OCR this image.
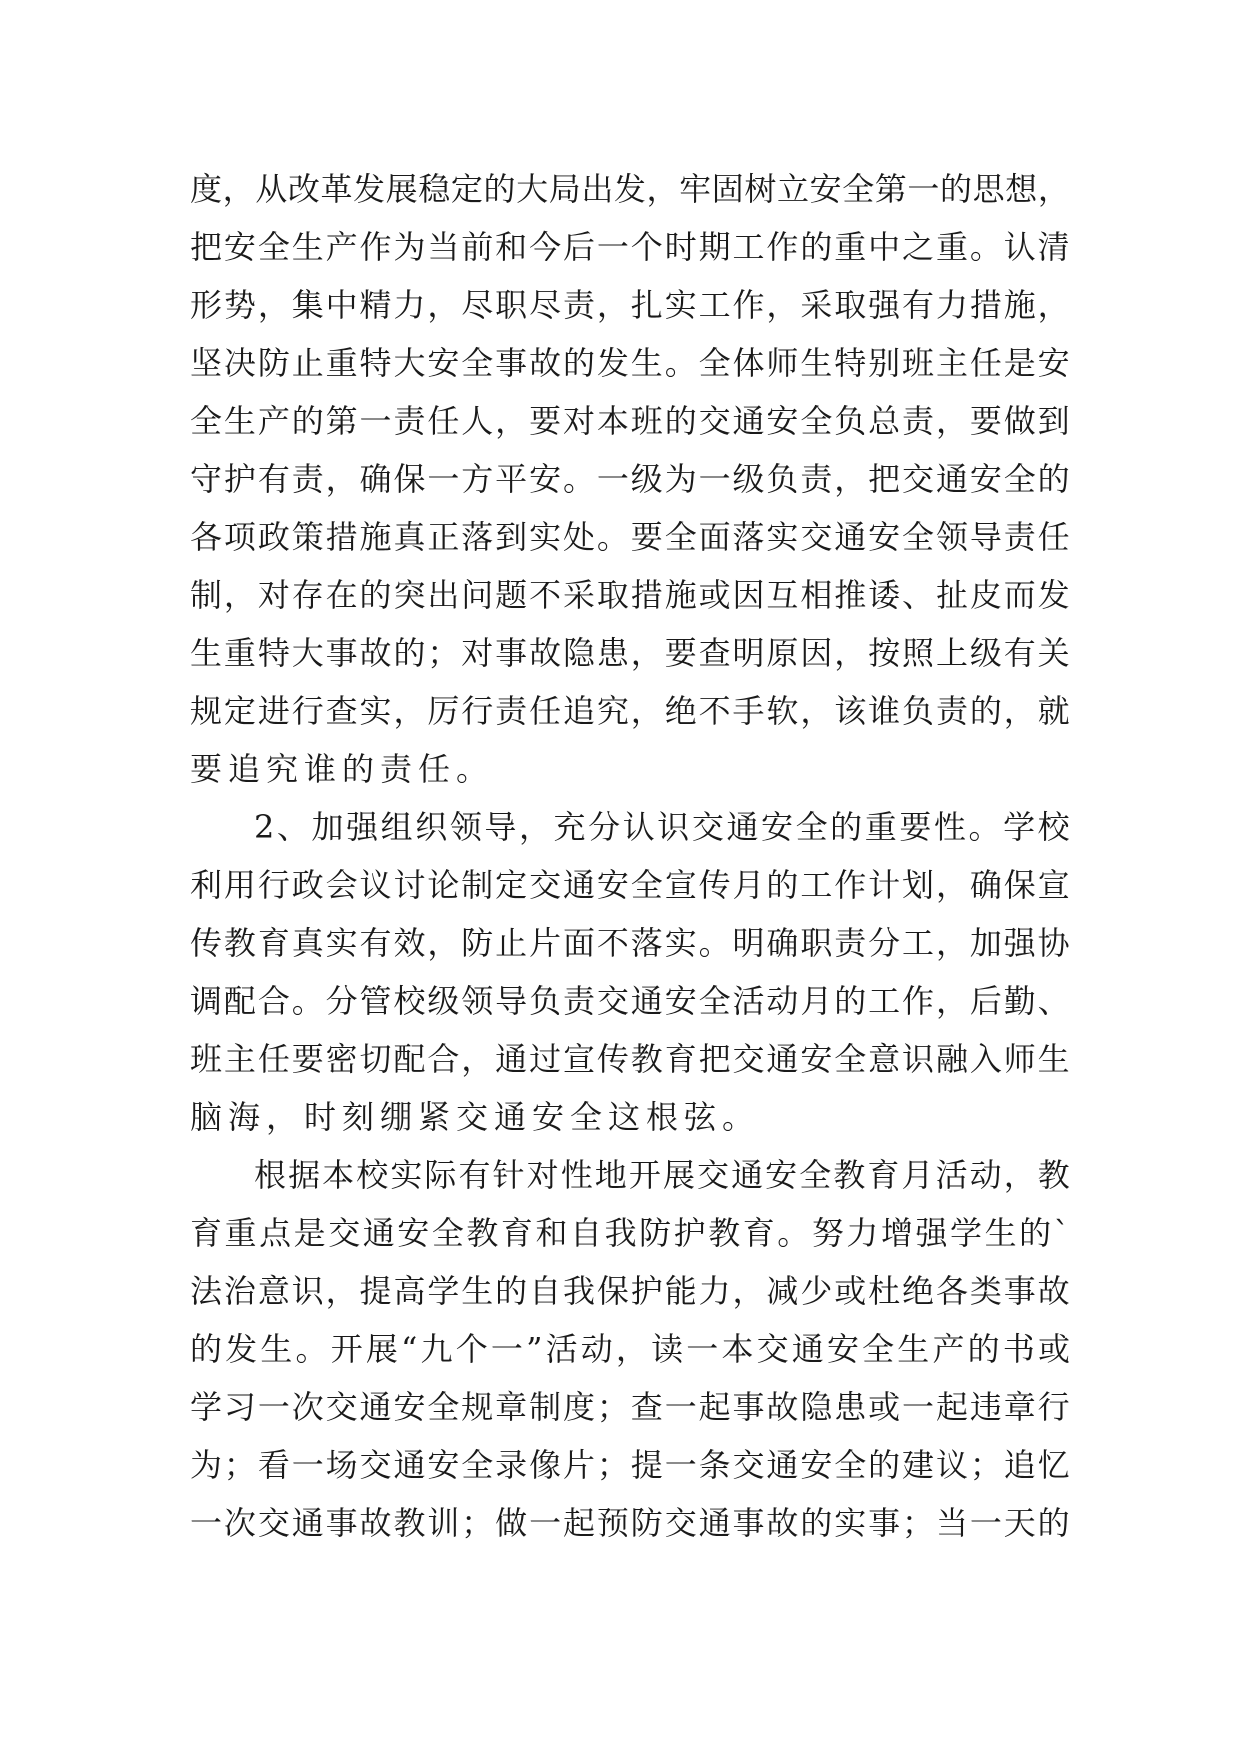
度 ， 从 改 革 发 展 稳 定 的 大 局 出 发 ， 牢 固 树 立 安 全 第 一 的 思 想 ，
把 安 全 生 产 作 为 当 前 和 今 后 一 个 时 期 工 作 的 重 中 之 重 。 认 清
形 势 ， 集 中 精 力 ， 尽 职 尽 责 ， 扎 实 工 作 ， 采 取 强 有 力 措 施 ，
坚 决 防 止 重 特 大 安 全 事 故 的 发 生 。 全 体 师 生 特 别 班 主 任 是 安
全 生 产 的 第 一 责 任 人 ， 要 对 本 班 的 交 通 安 全 负 总 责 ， 要 做 到
守 护 有 责 ， 确 保 一 方 平 安 。 一 级 为 一 级 负 责 ， 把 交 通 安 全 的
各 项 政 策 措 施 真 正 落 到 实 处 。 要 全 面 落 实 交 通 安 全 领 导 责 任
制 ， 对 存 在 的 突 出 问 题 不 采 取 措 施 或 因 互 相 推 诿 、 扯 皮 而 发
生 重 特 大 事 故 的 ； 对 事 故 隐 患 ， 要 查 明 原 因 ， 按 照 上 级 有 关
规 定 进 行 查 实 ， 厉 行 责 任 追 究 ， 绝 不 手 软 ， 该 谁 负 责 的 ， 就
要追究谁的责任。
2 、 加 强 组 织 领 导 ， 充 分 认 识 交 通 安 全 的 重 要 性 。 学 校
利 用 行 政 会 议 讨 论 制 定 交 通 安 全 宣 传 月 的 工 作 计 划 ， 确 保 宣
传 教 育 真 实 有 效 ， 防 止 片 面 不 落 实 。 明 确 职 责 分 工 ， 加 强 协
调 配 合 。 分 管 校 级 领 导 负 责 交 通 安 全 活 动 月 的 工 作 ， 后 勤 、
班 主 任 要 密 切 配 合 ， 通 过 宣 传 教 育 把 交 通 安 全 意 识 融 入 师 生
脑海，时刻绷紧交通安全这根弦。
根 据 本 校 实 际 有 针 对 性 地 开 展 交 通 安 全 教 育 月 活 动 ， 教
育 重 点 是 交 通 安 全 教 育 和 自 我 防 护 教 育 。 努 力 增 强 学 生 的 `
法 治 意 识 ， 提 高 学 生 的 自 我 保 护 能 力 ， 减 少 或 杜 绝 各 类 事 故
的 发 生 。 开 展 “ 九 个 一 ” 活 动 ， 读 一 本 交 通 安 全 生 产 的 书 或
学 习 一 次 交 通 安 全 规 章 制 度 ； 查 一 起 事 故 隐 患 或 一 起 违 章 行
为 ； 看 一 场 交 通 安 全 录 像 片 ； 提 一 条 交 通 安 全 的 建 议 ； 追 忆
一 次 交 通 事 故 教 训 ； 做 一 起 预 防 交 通 事 故 的 实 事 ； 当 一 天 的
